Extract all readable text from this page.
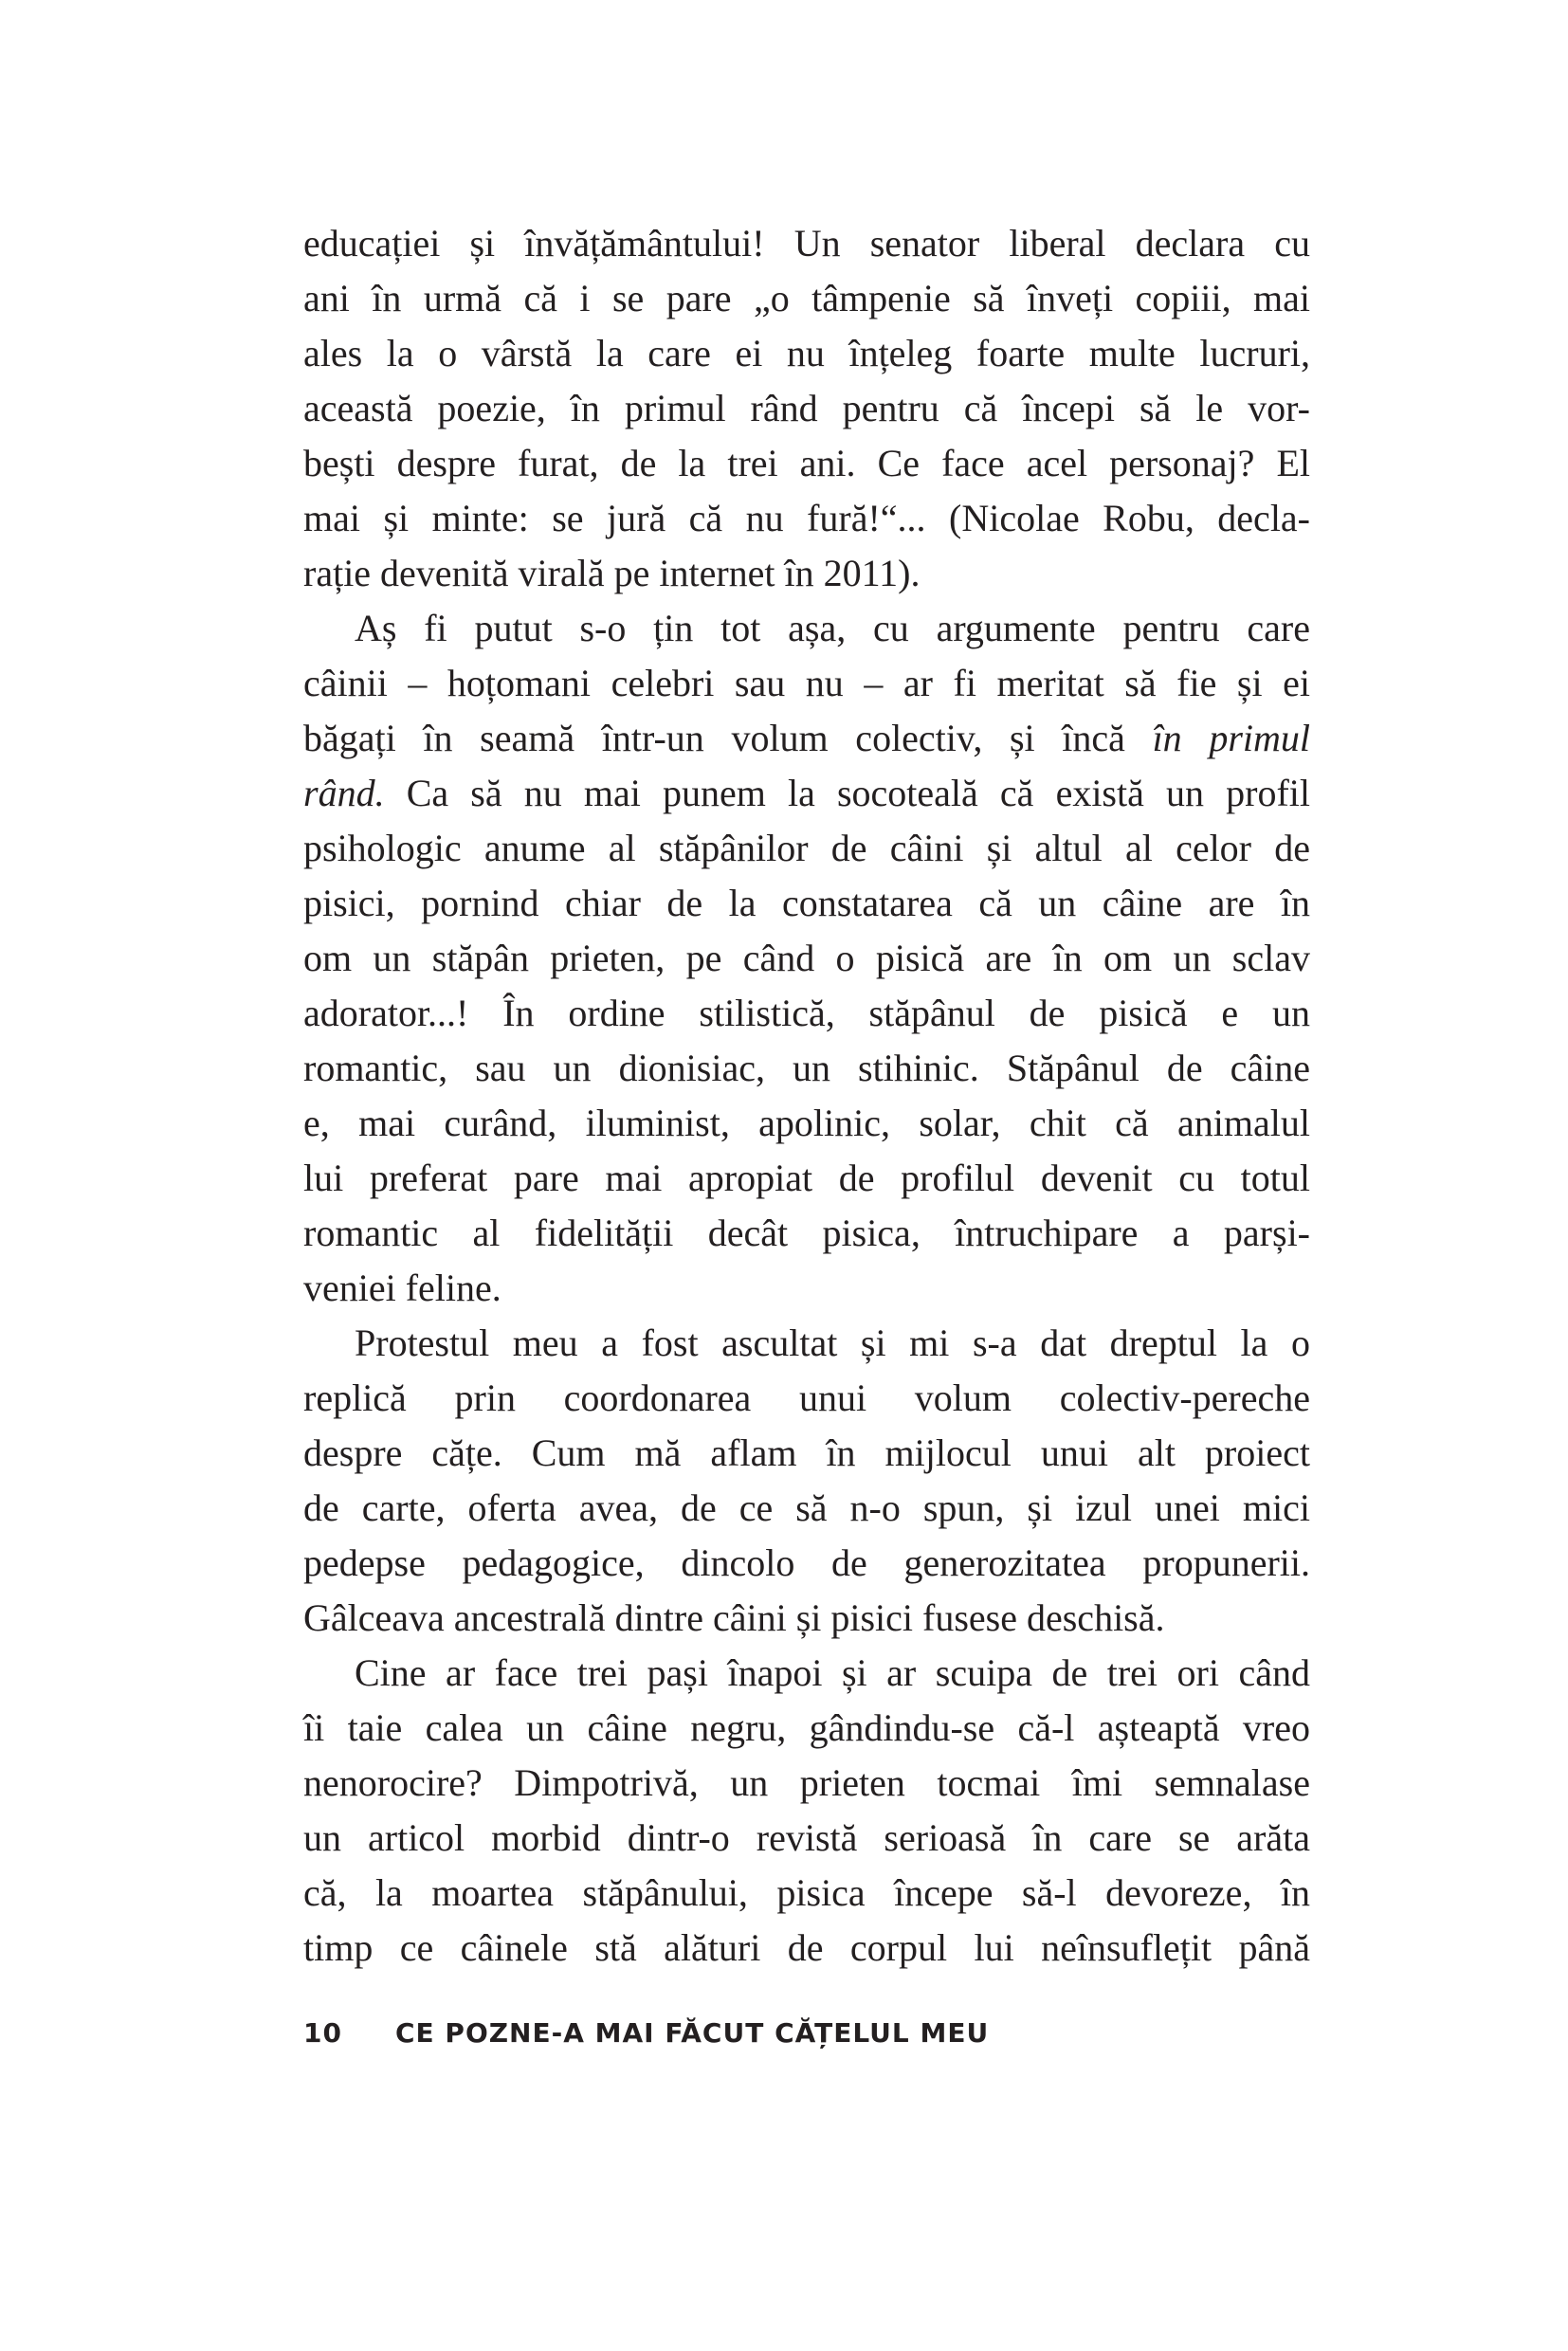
educației și învățământului! Un senator liberal declara cu
ani în urmă că i se pare „o tâmpenie să înveți copiii, mai
ales la o vârstă la care ei nu înțeleg foarte multe lucruri,
această poezie, în primul rând pentru că începi să le vor-
bești despre furat, de la trei ani. Ce face acel personaj? El
mai și minte: se jură că nu fură!“... (Nicolae Robu, decla-
rație devenită virală pe internet în 2011).
Aș fi putut s-o țin tot așa, cu argumente pentru care
câinii – hoțomani celebri sau nu – ar fi meritat să fie și ei
băgați în seamă într-un volum colectiv, și încă în primul
rând. Ca să nu mai punem la socoteală că există un profil
psihologic anume al stăpânilor de câini și altul al celor de
pisici, pornind chiar de la constatarea că un câine are în
om un stăpân prieten, pe când o pisică are în om un sclav
adorator...! În ordine stilistică, stăpânul de pisică e un
romantic, sau un dionisiac, un stihinic. Stăpânul de câine
e, mai curând, iluminist, apolinic, solar, chit că animalul
lui preferat pare mai apropiat de profilul devenit cu totul
romantic al fidelității decât pisica, întruchipare a parși-
veniei feline.
Protestul meu a fost ascultat și mi s-a dat dreptul la o
replică prin coordonarea unui volum colectiv-pereche
despre cățe. Cum mă aflam în mijlocul unui alt proiect
de carte, oferta avea, de ce să n-o spun, și izul unei mici
pedepse pedagogice, dincolo de generozitatea propunerii.
Gâlceava ancestrală dintre câini și pisici fusese deschisă.
Cine ar face trei pași înapoi și ar scuipa de trei ori când
îi taie calea un câine negru, gândindu-se că-l așteaptă vreo
nenorocire? Dimpotrivă, un prieten tocmai îmi semnalase
un articol morbid dintr-o revistă serioasă în care se arăta
că, la moartea stăpânului, pisica începe să-l devoreze, în
timp ce câinele stă alături de corpul lui neînsuflețit până
10 CE POZNE-A MAI FĂCUT CĂȚELUL MEU
